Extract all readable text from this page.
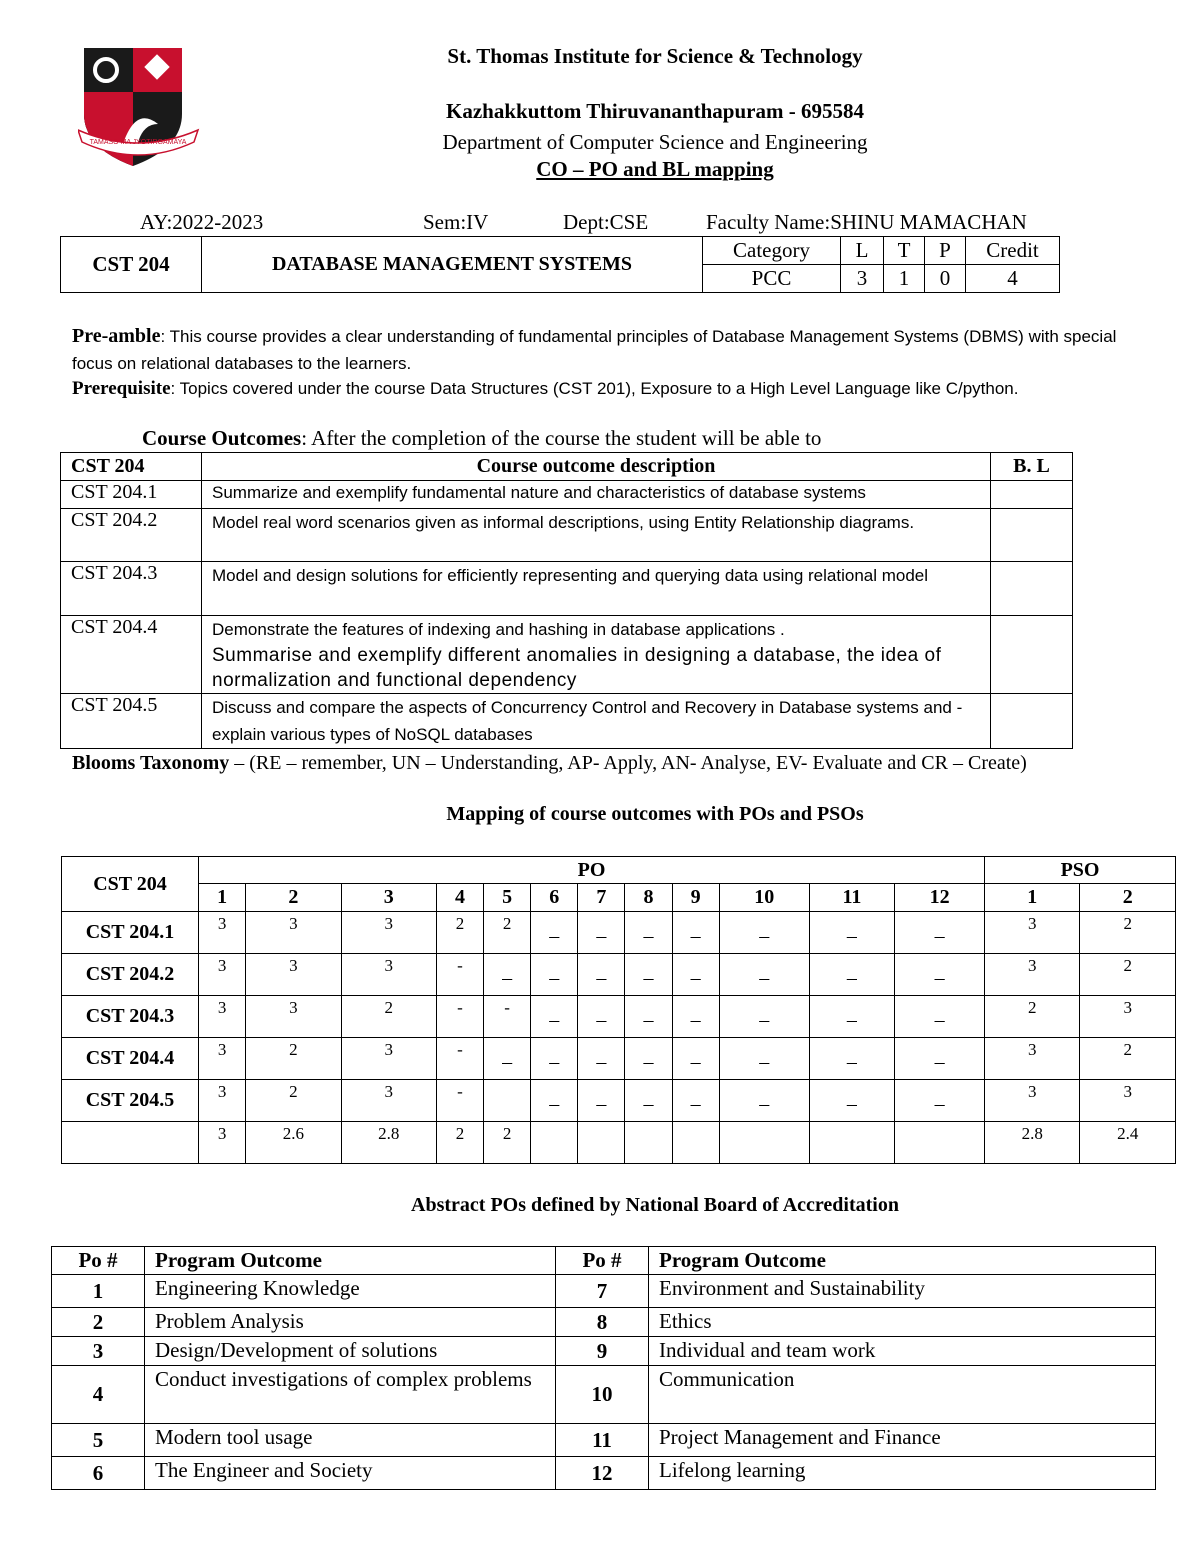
TAMASO MA JYOTIRGAMAYA
St. Thomas Institute for Science & Technology
Kazhakkuttom Thiruvananthapuram - 695584
Department of Computer Science and Engineering
CO – PO and BL mapping
AY:2022-2023	Sem:IV	Dept:CSE	Faculty Name:SHINU MAMACHAN
CST 204	DATABASE MANAGEMENT SYSTEMS	Category	L	T	P	Credit
		PCC	3	1	0	4
Pre-amble: This course provides a clear understanding of fundamental principles of Database Management Systems (DBMS) with special focus on relational databases to the learners.
Prerequisite: Topics covered under the course Data Structures (CST 201), Exposure to a High Level Language like C/python.
Course Outcomes: After the completion of the course the student will be able to
CST 204	Course outcome description	B. L
CST 204.1	Summarize and exemplify fundamental nature and characteristics of database systems	
CST 204.2	Model real word scenarios given as informal descriptions, using Entity Relationship diagrams.	
CST 204.3	Model and design solutions for efficiently representing and querying data using relational model	
CST 204.4	Demonstrate the features of indexing and hashing in database applications .
Summarise and exemplify different anomalies in designing a database, the idea of normalization and functional dependency	

CST 204.5	Discuss and compare the aspects of Concurrency Control and Recovery in Database systems and - explain various types of NoSQL databases	
Blooms Taxonomy – (RE – remember, UN – Understanding, AP- Apply, AN- Analyse, EV- Evaluate and CR – Create)
Mapping of course outcomes with POs and PSOs
CST 204	PO												PSO	
	1	2	3	4	5	6	7	8	9	10	11	12	1	2
CST 204.1	3	3	3	2	2	–	–	–	–	–	–	–	3	2
CST 204.2	3	3	3	-	–	–	–	–	–	–	–	–	3	2
CST 204.3	3	3	2	-	-	–	–	–	–	–	–	–	2	3
CST 204.4	3	2	3	-	–	–	–	–	–	–	–	–	3	2
CST 204.5	3	2	3	-		–	–	–	–	–	–	–	3	3
	3	2.6	2.8	2	2								2.8	2.4
Abstract POs defined by National Board of Accreditation
Po #	Program Outcome	Po #	Program Outcome
1	Engineering Knowledge	7	Environment and Sustainability
2	Problem Analysis	8	Ethics
3	Design/Development of solutions	9	Individual and team work
4	Conduct investigations of complex problems	10	Communication
5	Modern tool usage	11	Project Management and Finance
6	The Engineer and Society	12	Lifelong learning
